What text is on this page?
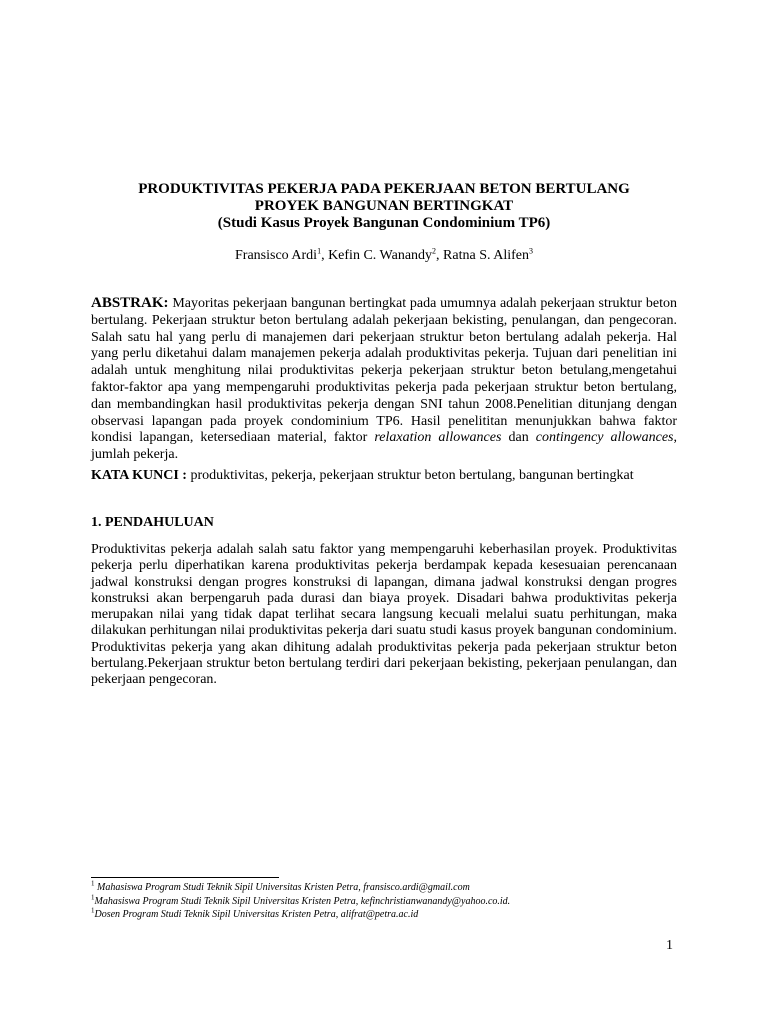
PRODUKTIVITAS PEKERJA PADA PEKERJAAN BETON BERTULANG
PROYEK BANGUNAN BERTINGKAT
(Studi Kasus Proyek Bangunan Condominium TP6)
Fransisco Ardi$^1$, Kefin C. Wanandy$^2$, Ratna S. Alifen$^3$
ABSTRAK: Mayoritas pekerjaan bangunan bertingkat pada umumnya adalah pekerjaan struktur beton bertulang. Pekerjaan struktur beton bertulang adalah pekerjaan bekisting, penulangan, dan pengecoran. Salah satu hal yang perlu di manajemen dari pekerjaan struktur beton bertulang adalah pekerja. Hal yang perlu diketahui dalam manajemen pekerja adalah produktivitas pekerja. Tujuan dari penelitian ini adalah untuk menghitung nilai produktivitas pekerja pekerjaan struktur beton betulang,mengetahui faktor-faktor apa yang mempengaruhi produktivitas pekerja pada pekerjaan struktur beton bertulang, dan membandingkan hasil produktivitas pekerja dengan SNI tahun 2008.Penelitian ditunjang dengan observasi lapangan pada proyek condominium TP6. Hasil penelititan menunjukkan bahwa faktor kondisi lapangan, ketersediaan material, faktor relaxation allowances dan contingency allowances, jumlah pekerja.
KATA KUNCI : produktivitas, pekerja, pekerjaan struktur beton bertulang, bangunan bertingkat
1. PENDAHULUAN
Produktivitas pekerja adalah salah satu faktor yang mempengaruhi keberhasilan proyek. Produktivitas pekerja perlu diperhatikan karena produktivitas pekerja berdampak kepada kesesuaian perencanaan jadwal konstruksi dengan progres konstruksi di lapangan, dimana jadwal konstruksi dengan progres konstruksi akan berpengaruh pada durasi dan biaya proyek. Disadari bahwa produktivitas pekerja merupakan nilai yang tidak dapat terlihat secara langsung kecuali melalui suatu perhitungan, maka dilakukan perhitungan nilai produktivitas pekerja dari suatu studi kasus proyek bangunan condominium. Produktivitas pekerja yang akan dihitung adalah produktivitas pekerja pada pekerjaan struktur beton bertulang.Pekerjaan struktur beton bertulang terdiri dari pekerjaan bekisting, pekerjaan penulangan, dan pekerjaan pengecoran.
$^1$ Mahasiswa Program Studi Teknik Sipil Universitas Kristen Petra, fransisco.ardi@gmail.com
$^1$Mahasiswa Program Studi Teknik Sipil Universitas Kristen Petra, kefinchristianwanandy@yahoo.co.id.
$^1$Dosen Program Studi Teknik Sipil Universitas Kristen Petra, alifrat@petra.ac.id
1
